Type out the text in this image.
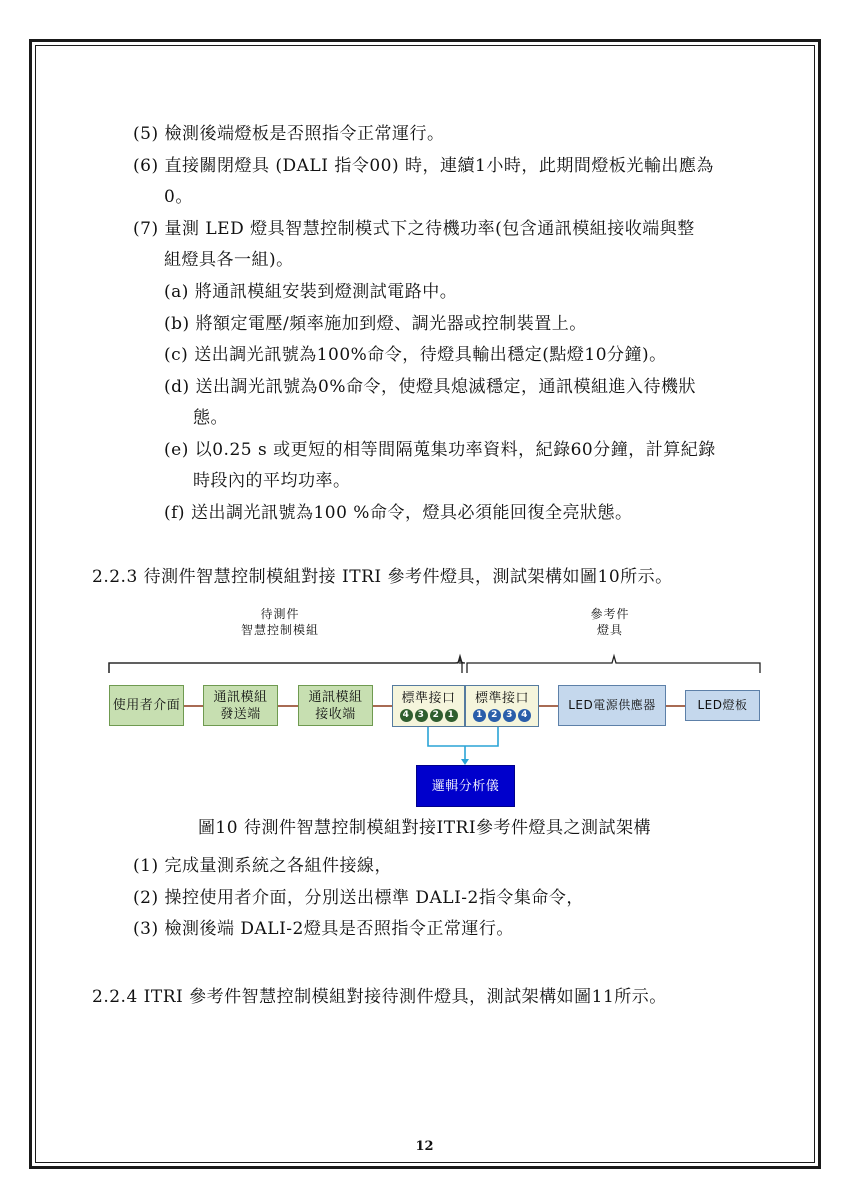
(5) 檢測後端燈板是否照指令正常運行。
(6) 直接關閉燈具 (DALI 指令00) 時，連續1小時，此期間燈板光輸出應為
0。
(7) 量測 LED 燈具智慧控制模式下之待機功率(包含通訊模組接收端與整
組燈具各一組)。
(a) 將通訊模組安裝到燈測試電路中。
(b) 將額定電壓/頻率施加到燈、調光器或控制裝置上。
(c) 送出調光訊號為100%命令，待燈具輸出穩定(點燈10分鐘)。
(d) 送出調光訊號為0%命令，使燈具熄滅穩定，通訊模組進入待機狀
態。
(e) 以0.25 s 或更短的相等間隔蒐集功率資料，紀錄60分鐘，計算紀錄
時段內的平均功率。
(f) 送出調光訊號為100 %命令，燈具必須能回復全亮狀態。
2.2.3 待測件智慧控制模組對接 ITRI 參考件燈具，測試架構如圖10所示。
待測件
智慧控制模組
參考件
燈具
使用者介面
通訊模組
發送端
通訊模組
接收端
標準接口
4 3 2 1
標準接口
1 2 3 4
LED電源供應器	LED燈板
邏輯分析儀
圖10 待測件智慧控制模組對接ITRI參考件燈具之測試架構
(1) 完成量測系統之各組件接線，
(2) 操控使用者介面，分別送出標準 DALI-2指令集命令，
(3) 檢測後端 DALI-2燈具是否照指令正常運行。
2.2.4 ITRI 參考件智慧控制模組對接待測件燈具，測試架構如圖11所示。
12
